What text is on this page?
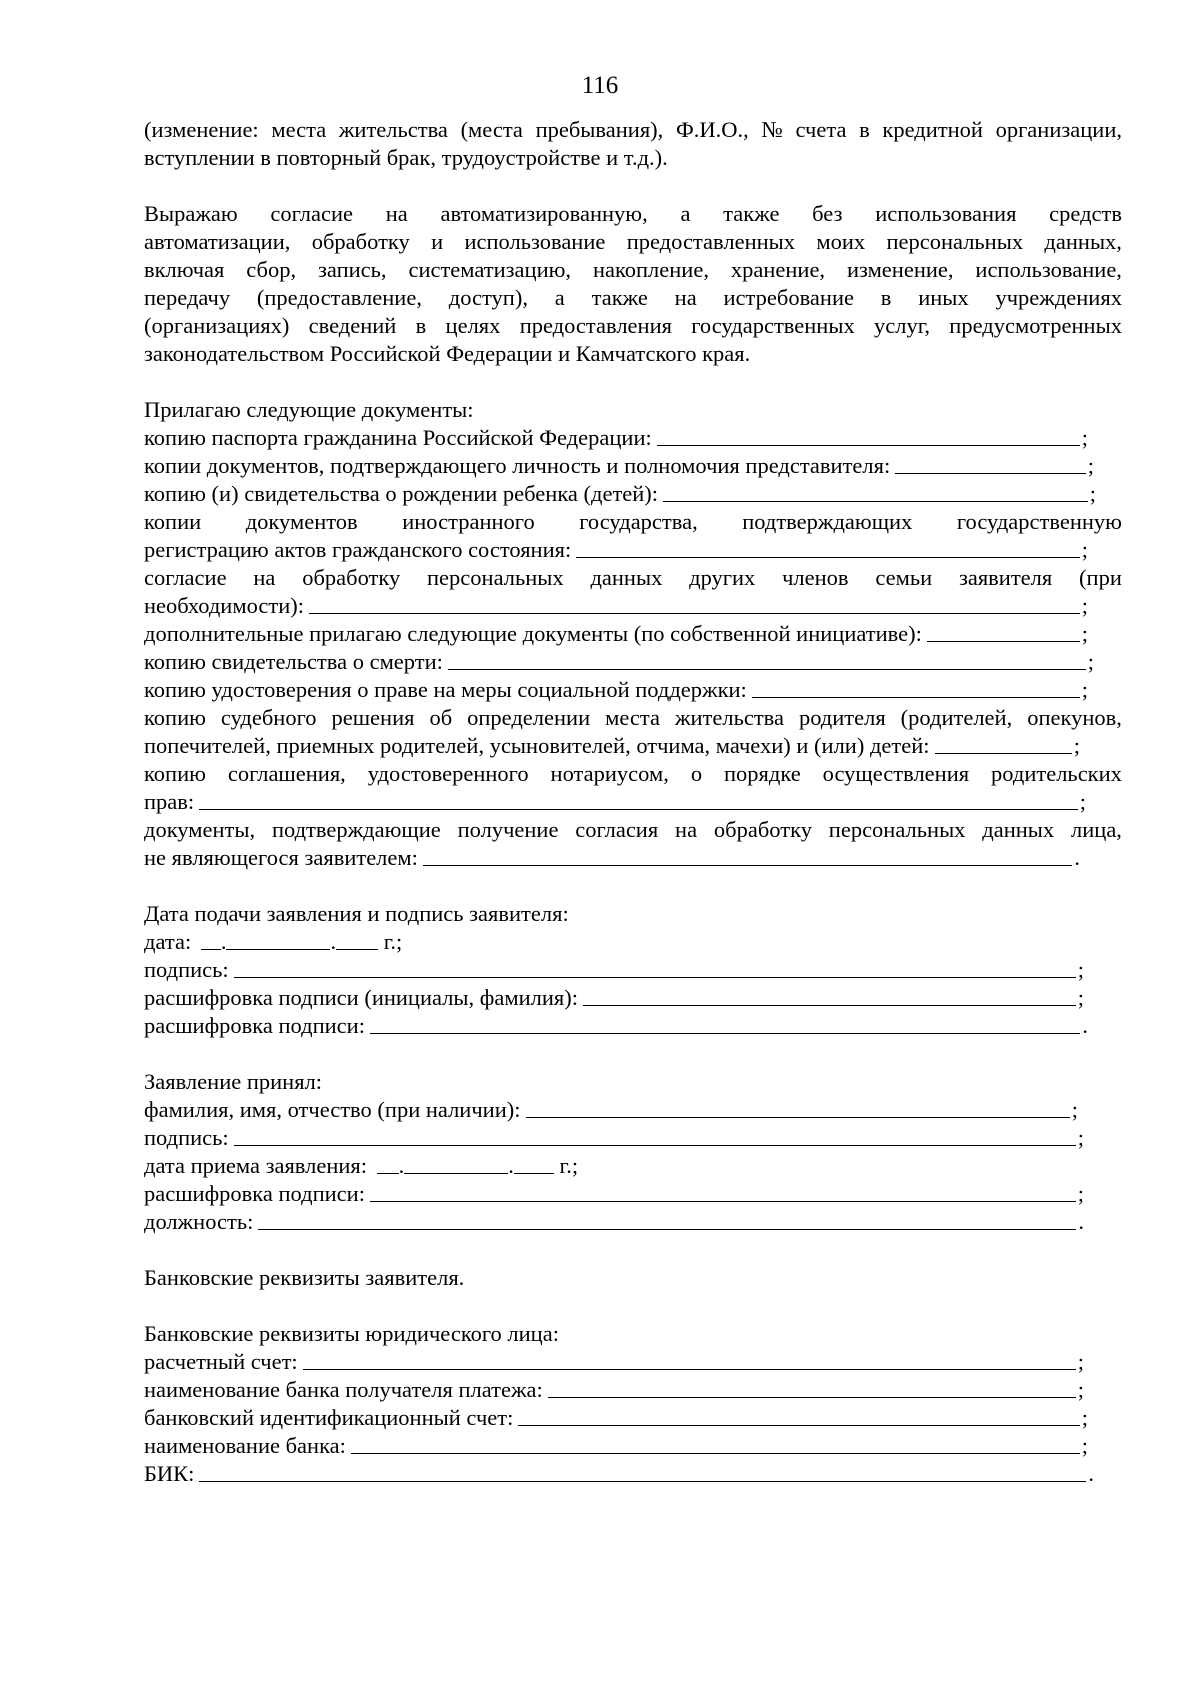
116
(изменение: места жительства (места пребывания), Ф.И.О., № счета в кредитной организации,
вступлении в повторный брак, трудоустройстве и т.д.).
Выражаю согласие на автоматизированную, а также без использования средств
автоматизации, обработку и использование предоставленных моих персональных данных,
включая сбор, запись, систематизацию, накопление, хранение, изменение, использование,
передачу (предоставление, доступ), а также на истребование в иных учреждениях
(организациях) сведений в целях предоставления государственных услуг, предусмотренных
законодательством Российской Федерации и Камчатского края.
Прилагаю следующие документы:
копию паспорта гражданина Российской Федерации:	;
копии документов, подтверждающего личность и полномочия представителя:	;
копию (и) свидетельства о рождении ребенка (детей):	;
копии документов иностранного государства, подтверждающих государственную
регистрацию актов гражданского состояния:	;
согласие на обработку персональных данных других членов семьи заявителя (при
необходимости):	;
дополнительные прилагаю следующие документы (по собственной инициативе):	;
копию свидетельства о смерти:	;
копию удостоверения о праве на меры социальной поддержки:	;
копию судебного решения об определении места жительства родителя (родителей, опекунов,
попечителей, приемных родителей, усыновителей, отчима, мачехи) и (или) детей:	;
копию соглашения, удостоверенного нотариусом, о порядке осуществления родительских
прав:	;
документы, подтверждающие получение согласия на обработку персональных данных лица,
не являющегося заявителем:	.
Дата подачи заявления и подпись заявителя:
дата: .	. г.;
подпись:	;
расшифровка подписи (инициалы, фамилия):	;
расшифровка подписи:	.
Заявление принял:
фамилия, имя, отчество (при наличии):	;
подпись:	;
дата приема заявления: .	. г.;
расшифровка подписи:	;
должность:	.
Банковские реквизиты заявителя.
Банковские реквизиты юридического лица:
расчетный счет:	;
наименование банка получателя платежа:	;
банковский идентификационный счет:	;
наименование банка:	;
БИК:	.
